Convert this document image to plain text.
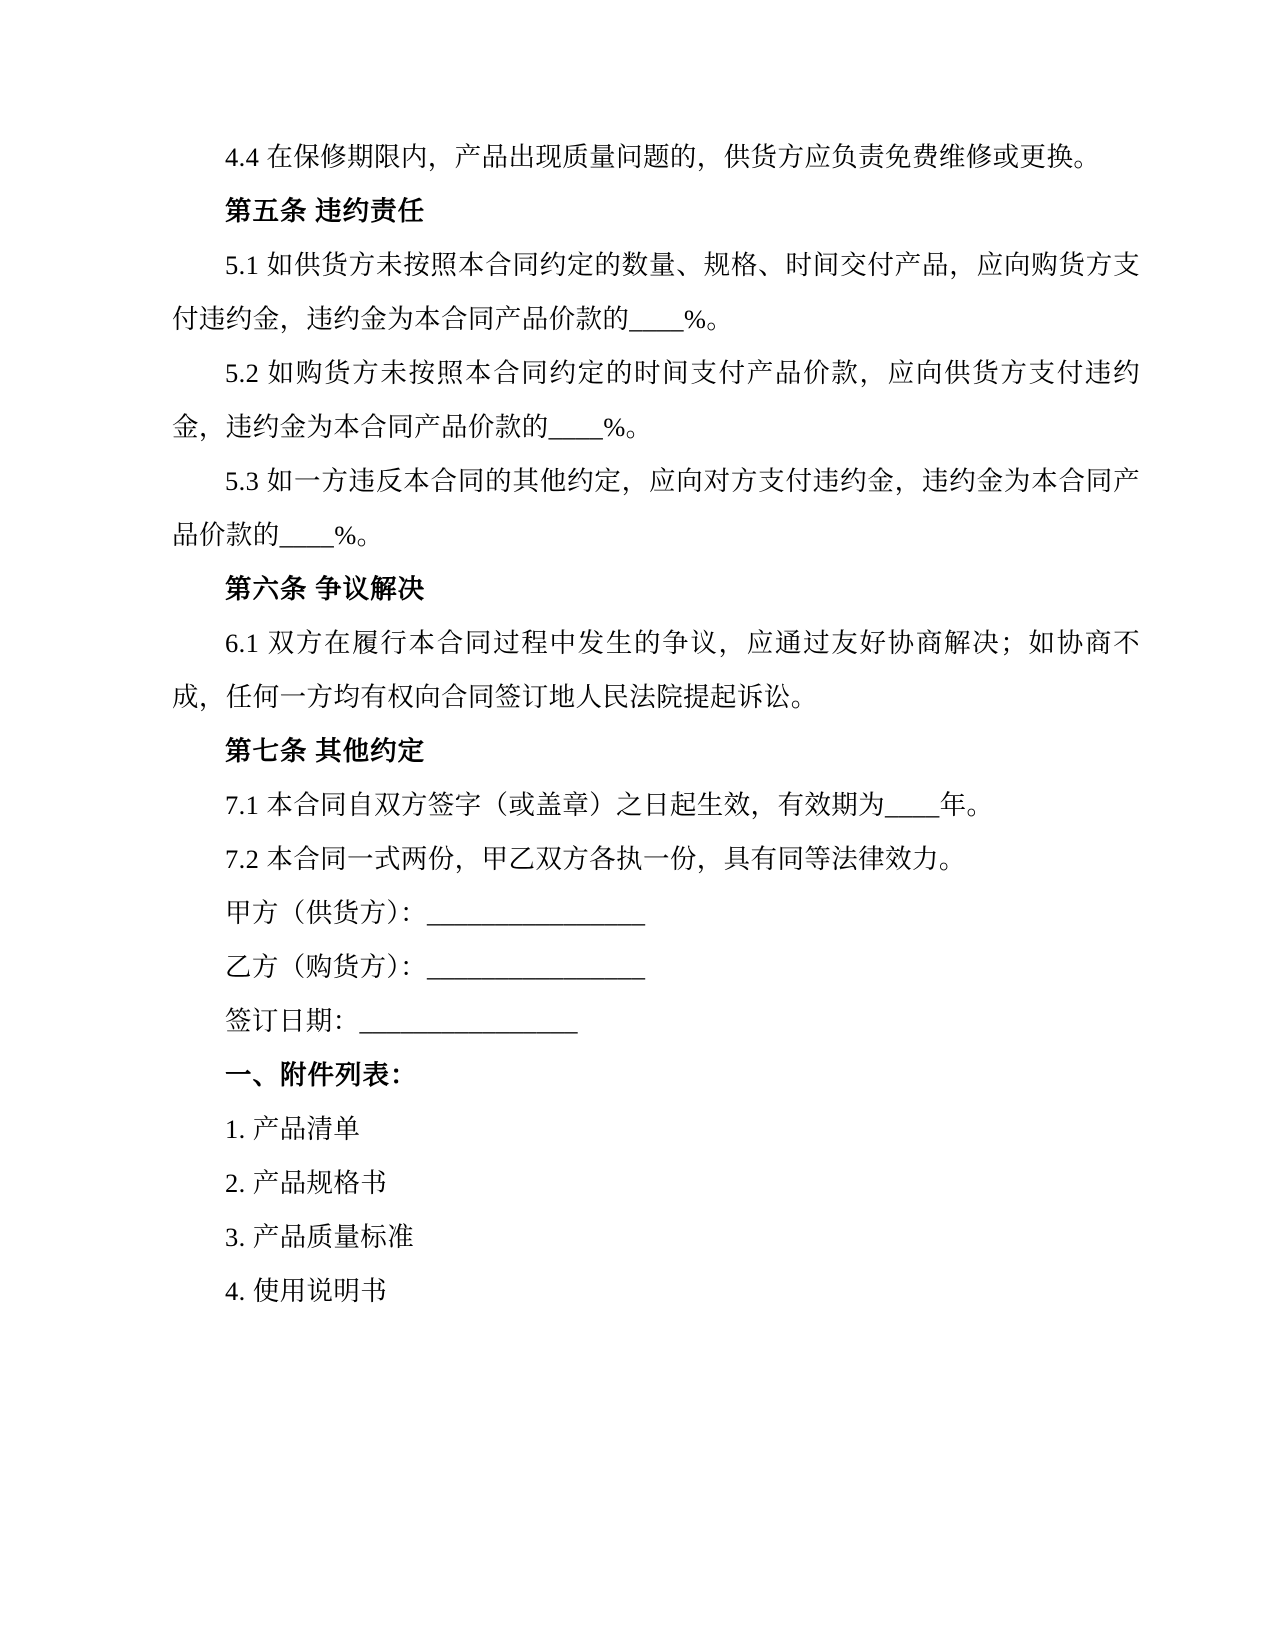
4.4 在保修期限内，产品出现质量问题的，供货方应负责免费维修或更换。

第五条 违约责任

5.1 如供货方未按照本合同约定的数量、规格、时间交付产品，应向购货方支付违约金，违约金为本合同产品价款的____%。

5.2 如购货方未按照本合同约定的时间支付产品价款，应向供货方支付违约金，违约金为本合同产品价款的____%。

5.3 如一方违反本合同的其他约定，应向对方支付违约金，违约金为本合同产品价款的____%。

第六条 争议解决

6.1 双方在履行本合同过程中发生的争议，应通过友好协商解决；如协商不成，任何一方均有权向合同签订地人民法院提起诉讼。

第七条 其他约定

7.1 本合同自双方签字（或盖章）之日起生效，有效期为____年。

7.2 本合同一式两份，甲乙双方各执一份，具有同等法律效力。

甲方（供货方）：________________

乙方（购货方）：________________

签订日期：________________

一、附件列表：

1. 产品清单

2. 产品规格书

3. 产品质量标准

4. 使用说明书
